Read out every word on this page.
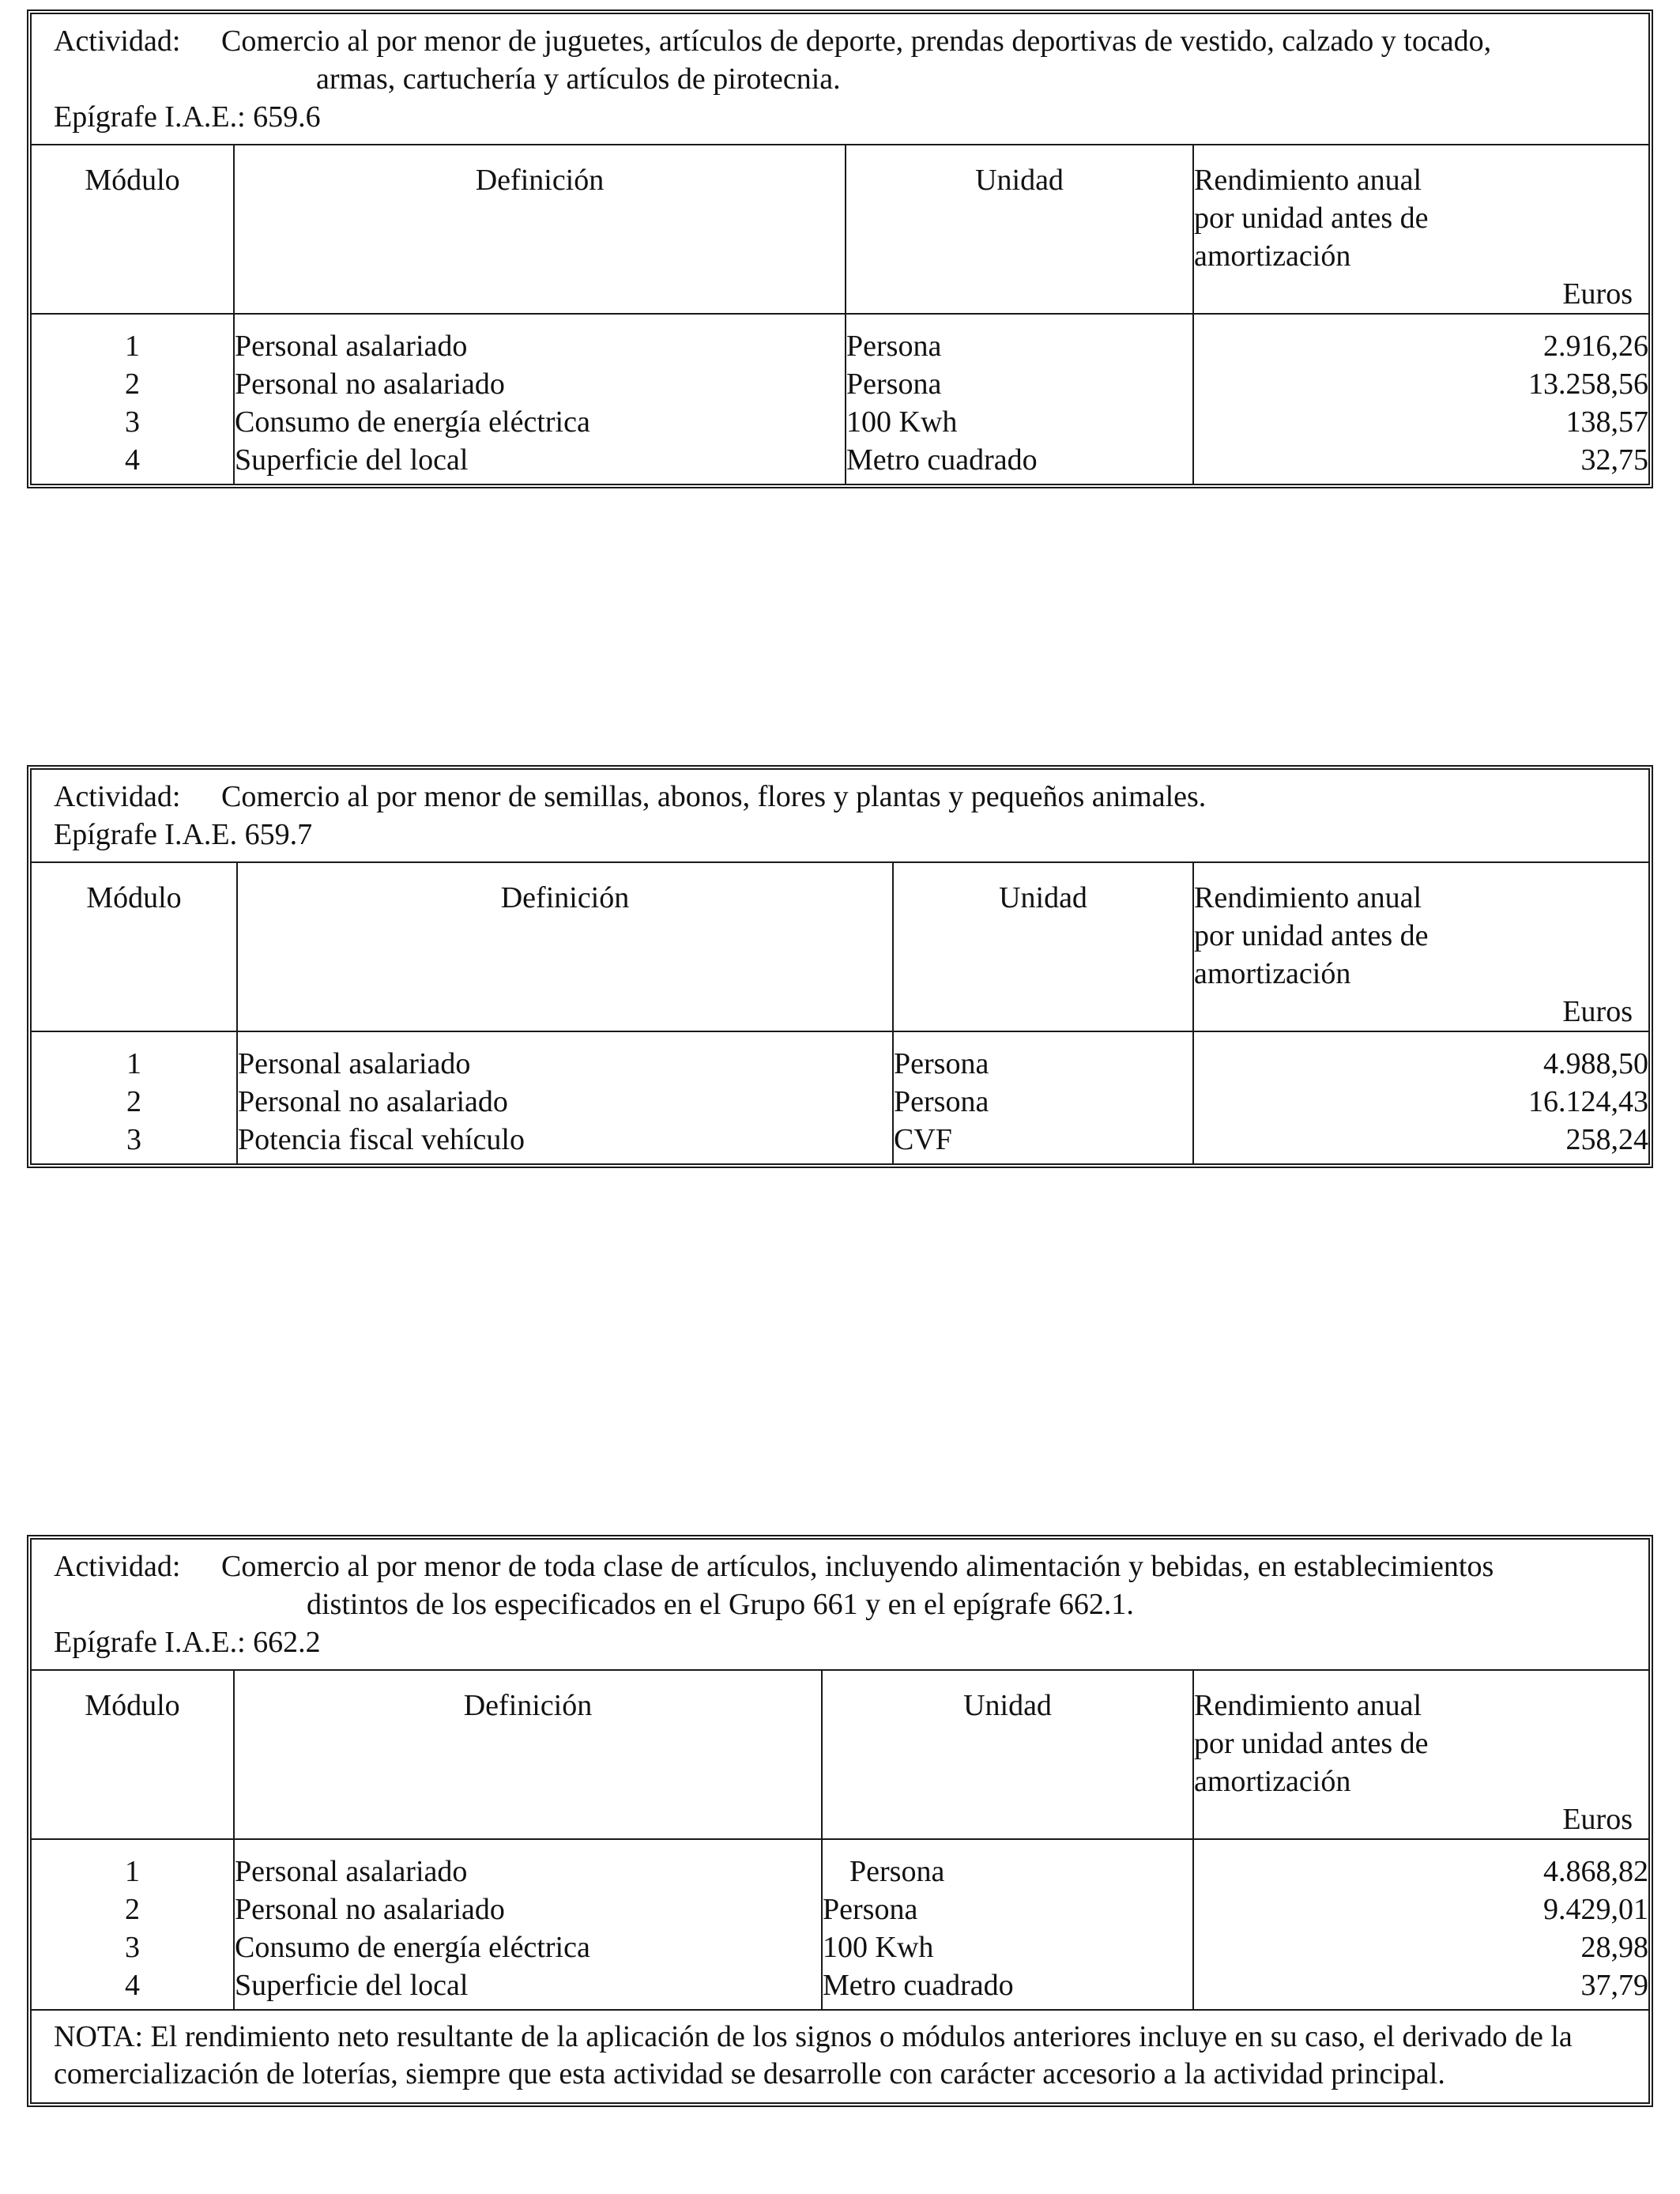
Actividad:	Comercio al por menor de juguetes, artículos de deporte, prendas deportivas de vestido, calzado y tocado,
armas, cartuchería y artículos de pirotecnia.
Epígrafe I.A.E.: 659.6
Módulo	Definición	Unidad	Rendimiento anual
por unidad antes de
amortización
Euros

1	Personal asalariado	Persona	2.916,26
2	Personal no asalariado	Persona	13.258,56
3	Consumo de energía eléctrica	100 Kwh	138,57
4	Superficie del local	Metro cuadrado	32,75
Actividad:	Comercio al por menor de semillas, abonos, flores y plantas y pequeños animales.
Epígrafe I.A.E. 659.7
Módulo	Definición	Unidad	Rendimiento anual
por unidad antes de
amortización
Euros

1	Personal asalariado	Persona	4.988,50
2	Personal no asalariado	Persona	16.124,43
3	Potencia fiscal vehículo	CVF	258,24
Actividad:	Comercio al por menor de toda clase de artículos, incluyendo alimentación y bebidas, en establecimientos
distintos de los especificados en el Grupo 661 y en el epígrafe 662.1.
Epígrafe I.A.E.: 662.2
Módulo	Definición	Unidad	Rendimiento anual
por unidad antes de
amortización
Euros

1	Personal asalariado	Persona	4.868,82
2	Personal no asalariado	Persona	9.429,01
3	Consumo de energía eléctrica	100 Kwh	28,98
4	Superficie del local	Metro cuadrado	37,79
NOTA: El rendimiento neto resultante de la aplicación de los signos o módulos anteriores incluye en su caso, el derivado de la comercialización de loterías, siempre que esta actividad se desarrolle con carácter accesorio a la actividad principal.
